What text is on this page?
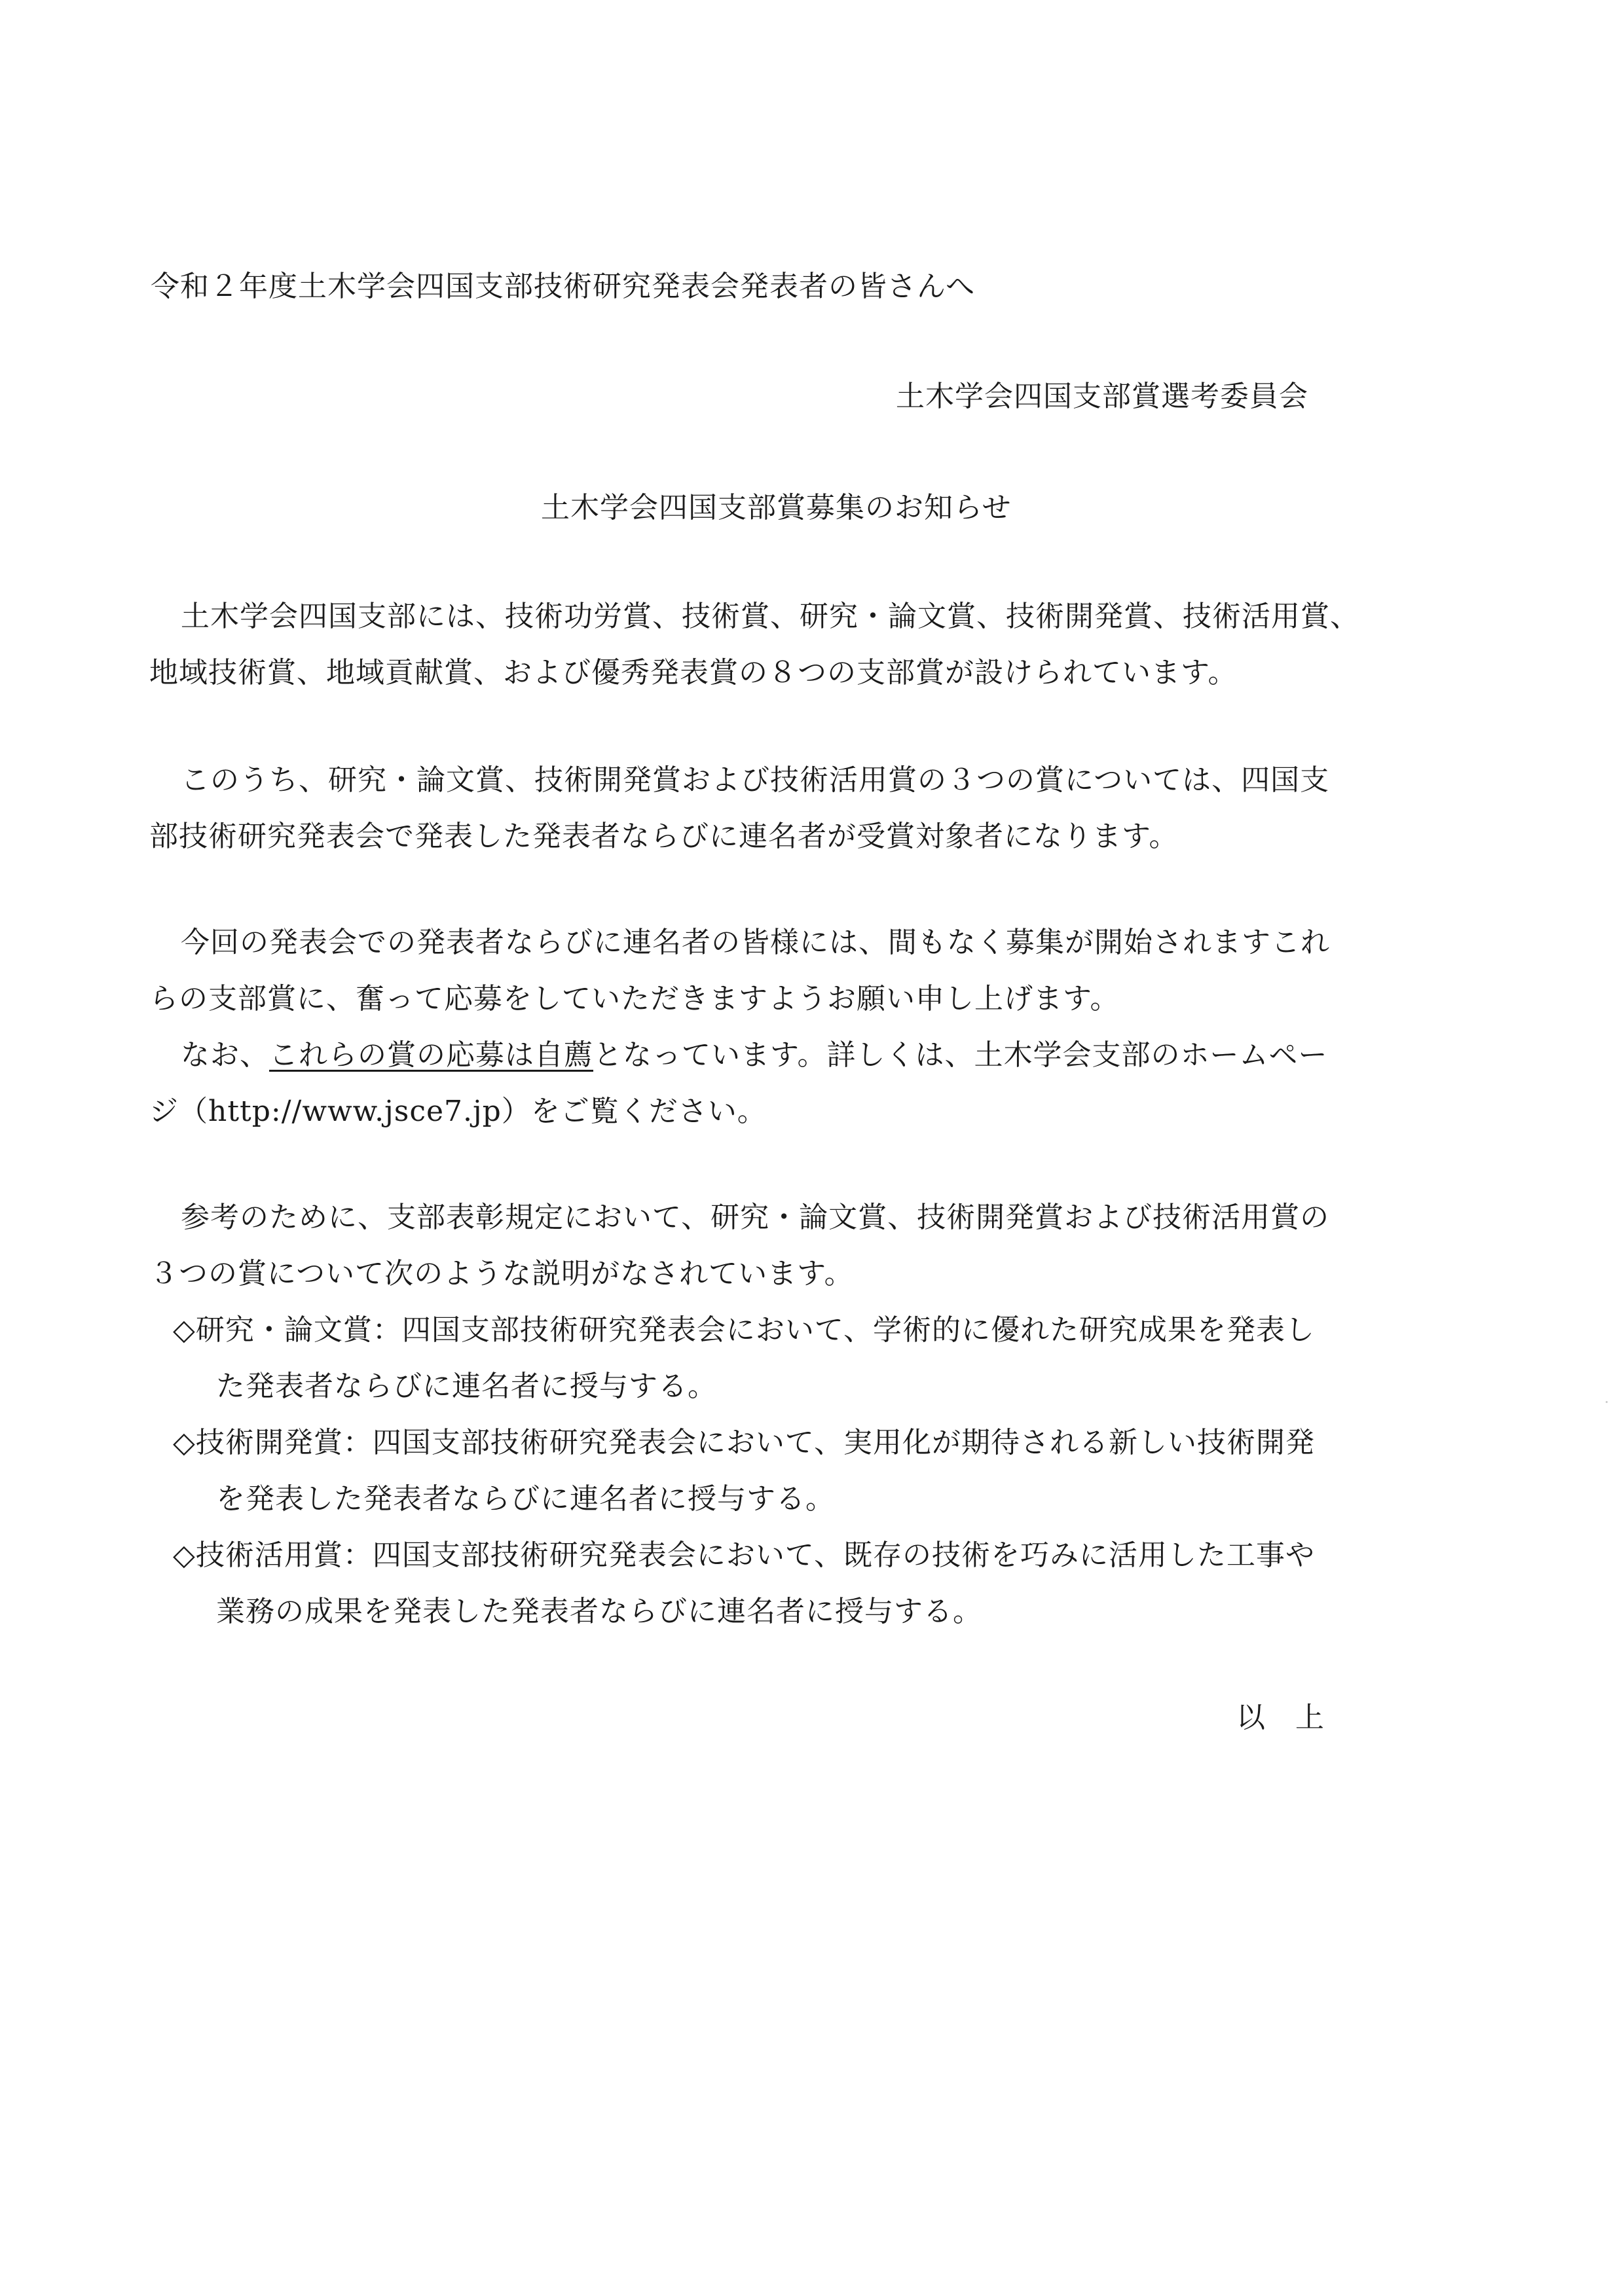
令和２年度土木学会四国支部技術研究発表会発表者の皆さんへ
土木学会四国支部賞選考委員会
土木学会四国支部賞募集のお知らせ
土木学会四国支部には、技術功労賞、技術賞、研究・論文賞、技術開発賞、技術活用賞、
地域技術賞、地域貢献賞、および優秀発表賞の８つの支部賞が設けられています。
このうち、研究・論文賞、技術開発賞および技術活用賞の３つの賞については、四国支
部技術研究発表会で発表した発表者ならびに連名者が受賞対象者になります。
今回の発表会での発表者ならびに連名者の皆様には、間もなく募集が開始されますこれ
らの支部賞に、奮って応募をしていただきますようお願い申し上げます。
なお、これらの賞の応募は自薦となっています。詳しくは、土木学会支部のホームペー
ジ（http://www.jsce7.jp）をご覧ください。
参考のために、支部表彰規定において、研究・論文賞、技術開発賞および技術活用賞の
３つの賞について次のような説明がなされています。
◇研究・論文賞：四国支部技術研究発表会において、学術的に優れた研究成果を発表し
た発表者ならびに連名者に授与する。
◇技術開発賞：四国支部技術研究発表会において、実用化が期待される新しい技術開発
を発表した発表者ならびに連名者に授与する。
◇技術活用賞：四国支部技術研究発表会において、既存の技術を巧みに活用した工事や
業務の成果を発表した発表者ならびに連名者に授与する。
以　上
